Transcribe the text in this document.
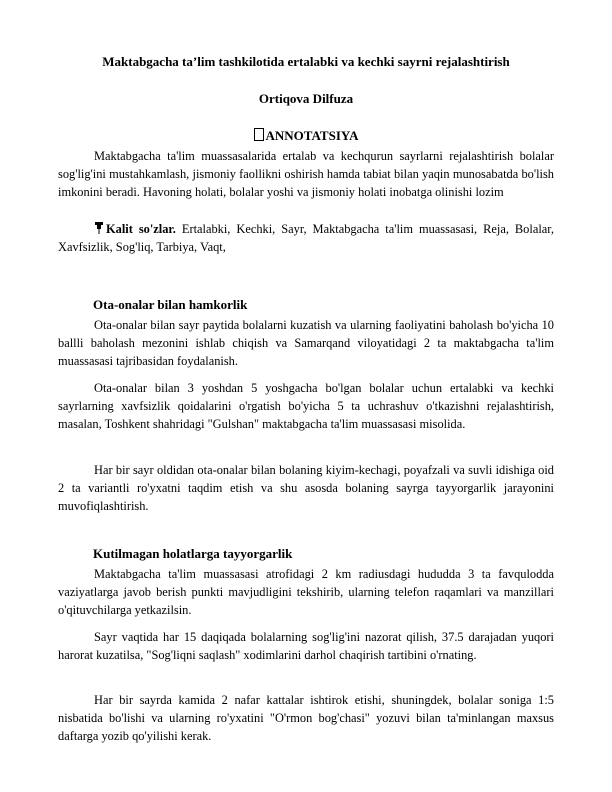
Maktabgacha ta’lim tashkilotida ertalabki va kechki sayrni rejalashtirish
Ortiqova Dilfuza
ANNOTATSIYA
Maktabgacha ta'lim muassasalarida ertalab va kechqurun sayrlarni rejalashtirish bolalar sog'lig'ini mustahkamlash, jismoniy faollikni oshirish hamda tabiat bilan yaqin munosabatda bo'lish imkonini beradi. Havoning holati, bolalar yoshi va jismoniy holati inobatga olinishi lozim
Kalit so'zlar. Ertalabki, Kechki, Sayr, Maktabgacha ta'lim muassasasi, Reja, Bolalar, Xavfsizlik, Sog'liq, Tarbiya, Vaqt,
Ota-onalar bilan hamkorlik
Ota-onalar bilan sayr paytida bolalarni kuzatish va ularning faoliyatini baholash bo'yicha 10 ballli baholash mezonini ishlab chiqish va Samarqand viloyatidagi 2 ta maktabgacha ta'lim muassasasi tajribasidan foydalanish.
Ota-onalar bilan 3 yoshdan 5 yoshgacha bo'lgan bolalar uchun ertalabki va kechki sayrlarning xavfsizlik qoidalarini o'rgatish bo'yicha 5 ta uchrashuv o'tkazishni rejalashtirish, masalan, Toshkent shahridagi "Gulshan" maktabgacha ta'lim muassasasi misolida.
Har bir sayr oldidan ota-onalar bilan bolaning kiyim-kechagi, poyafzali va suvli idishiga oid 2 ta variantli ro'yxatni taqdim etish va shu asosda bolaning sayrga tayyorgarlik jarayonini muvofiqlashtirish.
Kutilmagan holatlarga tayyorgarlik
Maktabgacha ta'lim muassasasi atrofidagi 2 km radiusdagi hududda 3 ta favqulodda vaziyatlarga javob berish punkti mavjudligini tekshirib, ularning telefon raqamlari va manzillari o'qituvchilarga yetkazilsin.
Sayr vaqtida har 15 daqiqada bolalarning sog'lig'ini nazorat qilish, 37.5 darajadan yuqori harorat kuzatilsa, "Sog'liqni saqlash" xodimlarini darhol chaqirish tartibini o'rnating.
Har bir sayrda kamida 2 nafar kattalar ishtirok etishi, shuningdek, bolalar soniga 1:5 nisbatida bo'lishi va ularning ro'yxatini "O'rmon bog'chasi" yozuvi bilan ta'minlangan maxsus daftarga yozib qo'yilishi kerak.
